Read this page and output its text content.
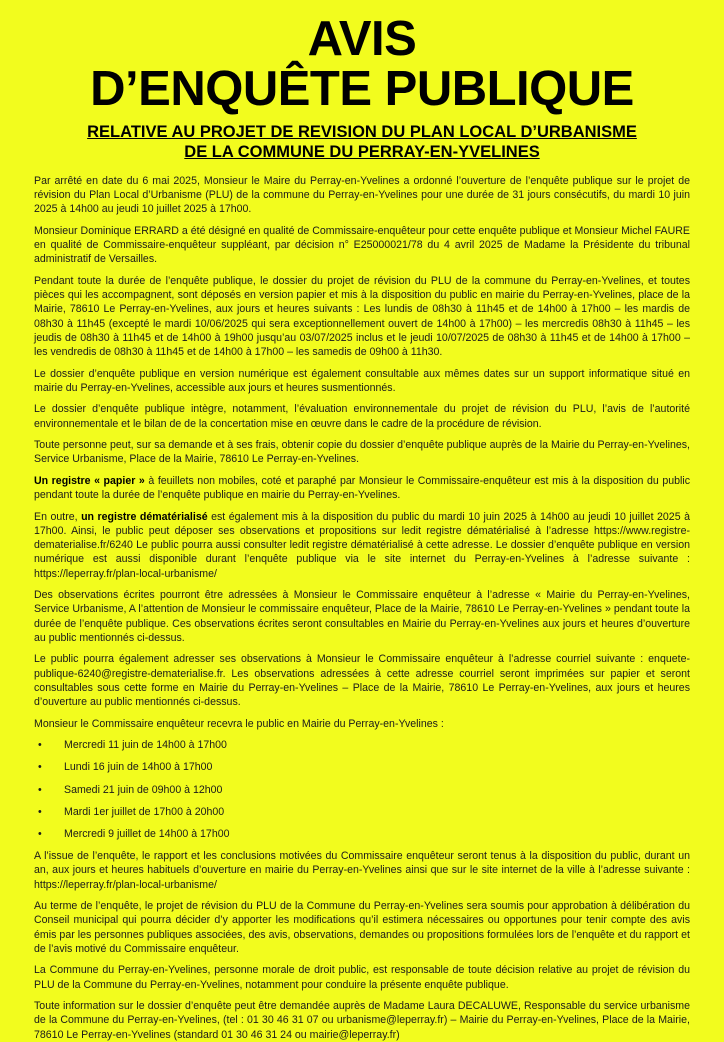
AVIS
D’ENQUÊTE PUBLIQUE
RELATIVE AU PROJET DE REVISION DU PLAN LOCAL D’URBANISME
DE LA COMMUNE DU PERRAY-EN-YVELINES

Par arrêté en date du 6 mai 2025, Monsieur le Maire du Perray-en-Yvelines a ordonné l’ouverture de l’enquête publique sur le projet de révision du Plan Local d’Urbanisme (PLU) de la commune du Perray-en-Yvelines pour une durée de 31 jours consécutifs, du mardi 10 juin 2025 à 14h00 au jeudi 10 juillet 2025 à 17h00.

Monsieur Dominique ERRARD a été désigné en qualité de Commissaire-enquêteur pour cette enquête publique et Monsieur Michel FAURE en qualité de Commissaire-enquêteur suppléant, par décision n° E25000021/78 du 4 avril 2025 de Madame la Présidente du tribunal administratif de Versailles.

Pendant toute la durée de l’enquête publique, le dossier du projet de révision du PLU de la commune du Perray-en-Yvelines, et toutes pièces qui les accompagnent, sont déposés en version papier et mis à la disposition du public en mairie du Perray-en-Yvelines, place de la Mairie, 78610 Le Perray-en-Yvelines, aux jours et heures suivants : Les lundis de 08h30 à 11h45 et de 14h00 à 17h00 – les mardis de 08h30 à 11h45 (excepté le mardi 10/06/2025 qui sera exceptionnellement ouvert de 14h00 à 17h00) – les mercredis 08h30 à 11h45 – les jeudis de 08h30 à 11h45 et de 14h00 à 19h00 jusqu’au 03/07/2025 inclus et le jeudi 10/07/2025 de 08h30 à 11h45 et de 14h00 à 17h00 – les vendredis de 08h30 à 11h45 et de 14h00 à 17h00 – les samedis de 09h00 à 11h30.

Le dossier d’enquête publique en version numérique est également consultable aux mêmes dates sur un support informatique situé en mairie du Perray-en-Yvelines, accessible aux jours et heures susmentionnés.

Le dossier d’enquête publique intègre, notamment, l’évaluation environnementale du projet de révision du PLU, l’avis de l’autorité environnementale et le bilan de de la concertation mise en œuvre dans le cadre de la procédure de révision.

Toute personne peut, sur sa demande et à ses frais, obtenir copie du dossier d’enquête publique auprès de la Mairie du Perray-en-Yvelines, Service Urbanisme, Place de la Mairie, 78610 Le Perray-en-Yvelines.

Un registre « papier » à feuillets non mobiles, coté et paraphé par Monsieur le Commissaire-enquêteur est mis à la disposition du public pendant toute la durée de l’enquête publique en mairie du Perray-en-Yvelines.

En outre, un registre dématérialisé est également mis à la disposition du public du mardi 10 juin 2025 à 14h00 au jeudi 10 juillet 2025 à 17h00. Ainsi, le public peut déposer ses observations et propositions sur ledit registre dématérialisé à l’adresse https://www.registre-dematerialise.fr/6240 Le public pourra aussi consulter ledit registre dématérialisé à cette adresse. Le dossier d’enquête publique en version numérique est aussi disponible durant l’enquête publique via le site internet du Perray-en-Yvelines à l’adresse suivante : https://leperray.fr/plan-local-urbanisme/

Des observations écrites pourront être adressées à Monsieur le Commissaire enquêteur à l’adresse « Mairie du Perray-en-Yvelines, Service Urbanisme, A l’attention de Monsieur le commissaire enquêteur, Place de la Mairie, 78610 Le Perray-en-Yvelines » pendant toute la durée de l’enquête publique. Ces observations écrites seront consultables en Mairie du Perray-en-Yvelines aux jours et heures d’ouverture au public mentionnés ci-dessus.

Le public pourra également adresser ses observations à Monsieur le Commissaire enquêteur à l’adresse courriel suivante : enquete-publique-6240@registre-dematerialise.fr. Les observations adressées à cette adresse courriel seront imprimées sur papier et seront consultables sous cette forme en Mairie du Perray-en-Yvelines – Place de la Mairie, 78610 Le Perray-en-Yvelines, aux jours et heures d’ouverture au public mentionnés ci-dessus.

Monsieur le Commissaire enquêteur recevra le public en Mairie du Perray-en-Yvelines :

•	Mercredi 11 juin de 14h00 à 17h00
•	Lundi 16 juin de 14h00 à 17h00
•	Samedi 21 juin de 09h00 à 12h00
•	Mardi 1er juillet de 17h00 à 20h00
•	Mercredi 9 juillet de 14h00 à 17h00

A l’issue de l’enquête, le rapport et les conclusions motivées du Commissaire enquêteur seront tenus à la disposition du public, durant un an, aux jours et heures habituels d’ouverture en mairie du Perray-en-Yvelines ainsi que sur le site internet de la ville à l’adresse suivante : https://leperray.fr/plan-local-urbanisme/

Au terme de l’enquête, le projet de révision du PLU de la Commune du Perray-en-Yvelines sera soumis pour approbation à délibération du Conseil municipal qui pourra décider d’y apporter les modifications qu’il estimera nécessaires ou opportunes pour tenir compte des avis émis par les personnes publiques associées, des avis, observations, demandes ou propositions formulées lors de l’enquête et du rapport et de l’avis motivé du Commissaire enquêteur.

La Commune du Perray-en-Yvelines, personne morale de droit public, est responsable de toute décision relative au projet de révision du PLU de la Commune du Perray-en-Yvelines, notamment pour conduire la présente enquête publique.

Toute information sur le dossier d’enquête peut être demandée auprès de Madame Laura DECALUWE, Responsable du service urbanisme de la Commune du Perray-en-Yvelines, (tel : 01 30 46 31 07 ou urbanisme@leperray.fr) – Mairie du Perray-en-Yvelines, Place de la Mairie, 78610 Le Perray-en-Yvelines (standard 01 30 46 31 24 ou mairie@leperray.fr)
